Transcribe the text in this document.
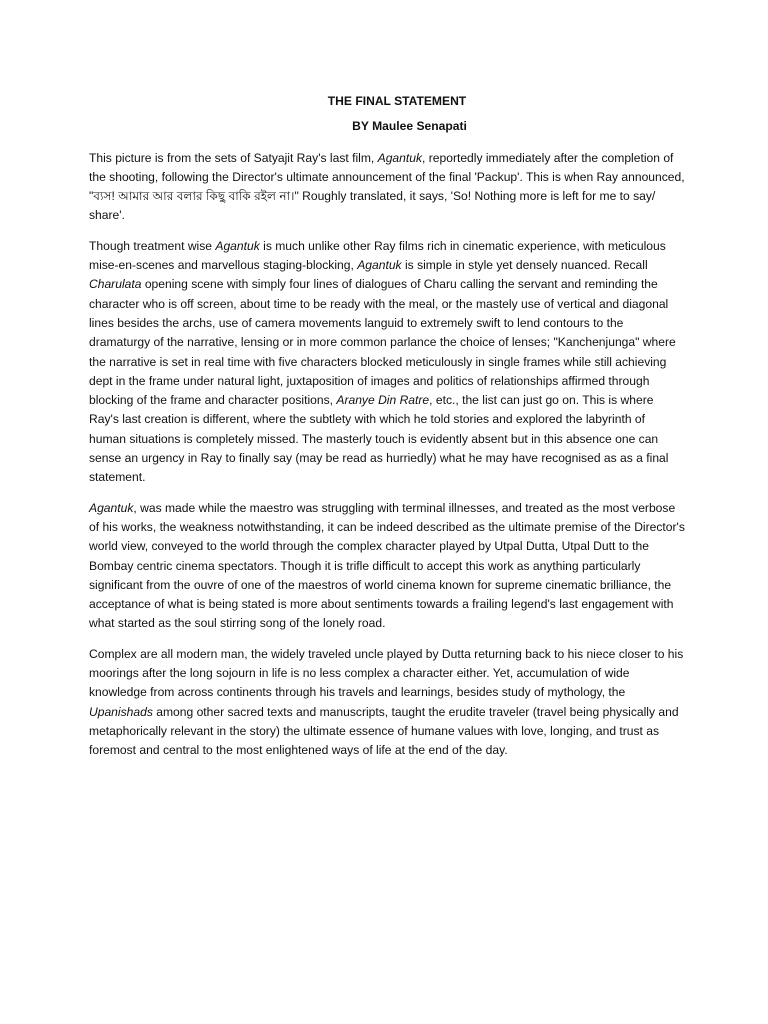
THE FINAL STATEMENT

BY Maulee Senapati

This picture is from the sets of Satyajit Ray's last film, Agantuk, reportedly immediately after the completion of the shooting, following the Director's ultimate announcement of the final 'Packup'. This is when Ray announced, "ব্যস! আমার আর বলার কিছু বাকি রইল না।" Roughly translated, it says, 'So! Nothing more is left for me to say/ share'.

Though treatment wise Agantuk is much unlike other Ray films rich in cinematic experience, with meticulous mise-en-scenes and marvellous staging-blocking, Agantuk is simple in style yet densely nuanced. Recall Charulata opening scene with simply four lines of dialogues of Charu calling the servant and reminding the character who is off screen, about time to be ready with the meal, or the mastely use of vertical and diagonal lines besides the archs, use of camera movements languid to extremely swift to lend contours to the dramaturgy of the narrative, lensing or in more common parlance the choice of lenses; "Kanchenjunga" where the narrative is set in real time with five characters blocked meticulously in single frames while still achieving dept in the frame under natural light, juxtaposition of images and politics of relationships affirmed through blocking of the frame and character positions, Aranye Din Ratre, etc., the list can just go on. This is where Ray's last creation is different, where the subtlety with which he told stories and explored the labyrinth of human situations is completely missed. The masterly touch is evidently absent but in this absence one can sense an urgency in Ray to finally say (may be read as hurriedly) what he may have recognised as as a final statement.

Agantuk, was made while the maestro was struggling with terminal illnesses, and treated as the most verbose of his works, the weakness notwithstanding, it can be indeed described as the ultimate premise of the Director's world view, conveyed to the world through the complex character played by Utpal Dutta, Utpal Dutt to the Bombay centric cinema spectators. Though it is trifle difficult to accept this work as anything particularly significant from the ouvre of one of the maestros of world cinema known for supreme cinematic brilliance, the acceptance of what is being stated is more about sentiments towards a frailing legend's last engagement with what started as the soul stirring song of the lonely road.

Complex are all modern man, the widely traveled uncle played by Dutta returning back to his niece closer to his moorings after the long sojourn in life is no less complex a character either. Yet, accumulation of wide knowledge from across continents through his travels and learnings, besides study of mythology, the Upanishads among other sacred texts and manuscripts, taught the erudite traveler (travel being physically and metaphorically relevant in the story) the ultimate essence of humane values with love, longing, and trust as foremost and central to the most enlightened ways of life at the end of the day.
